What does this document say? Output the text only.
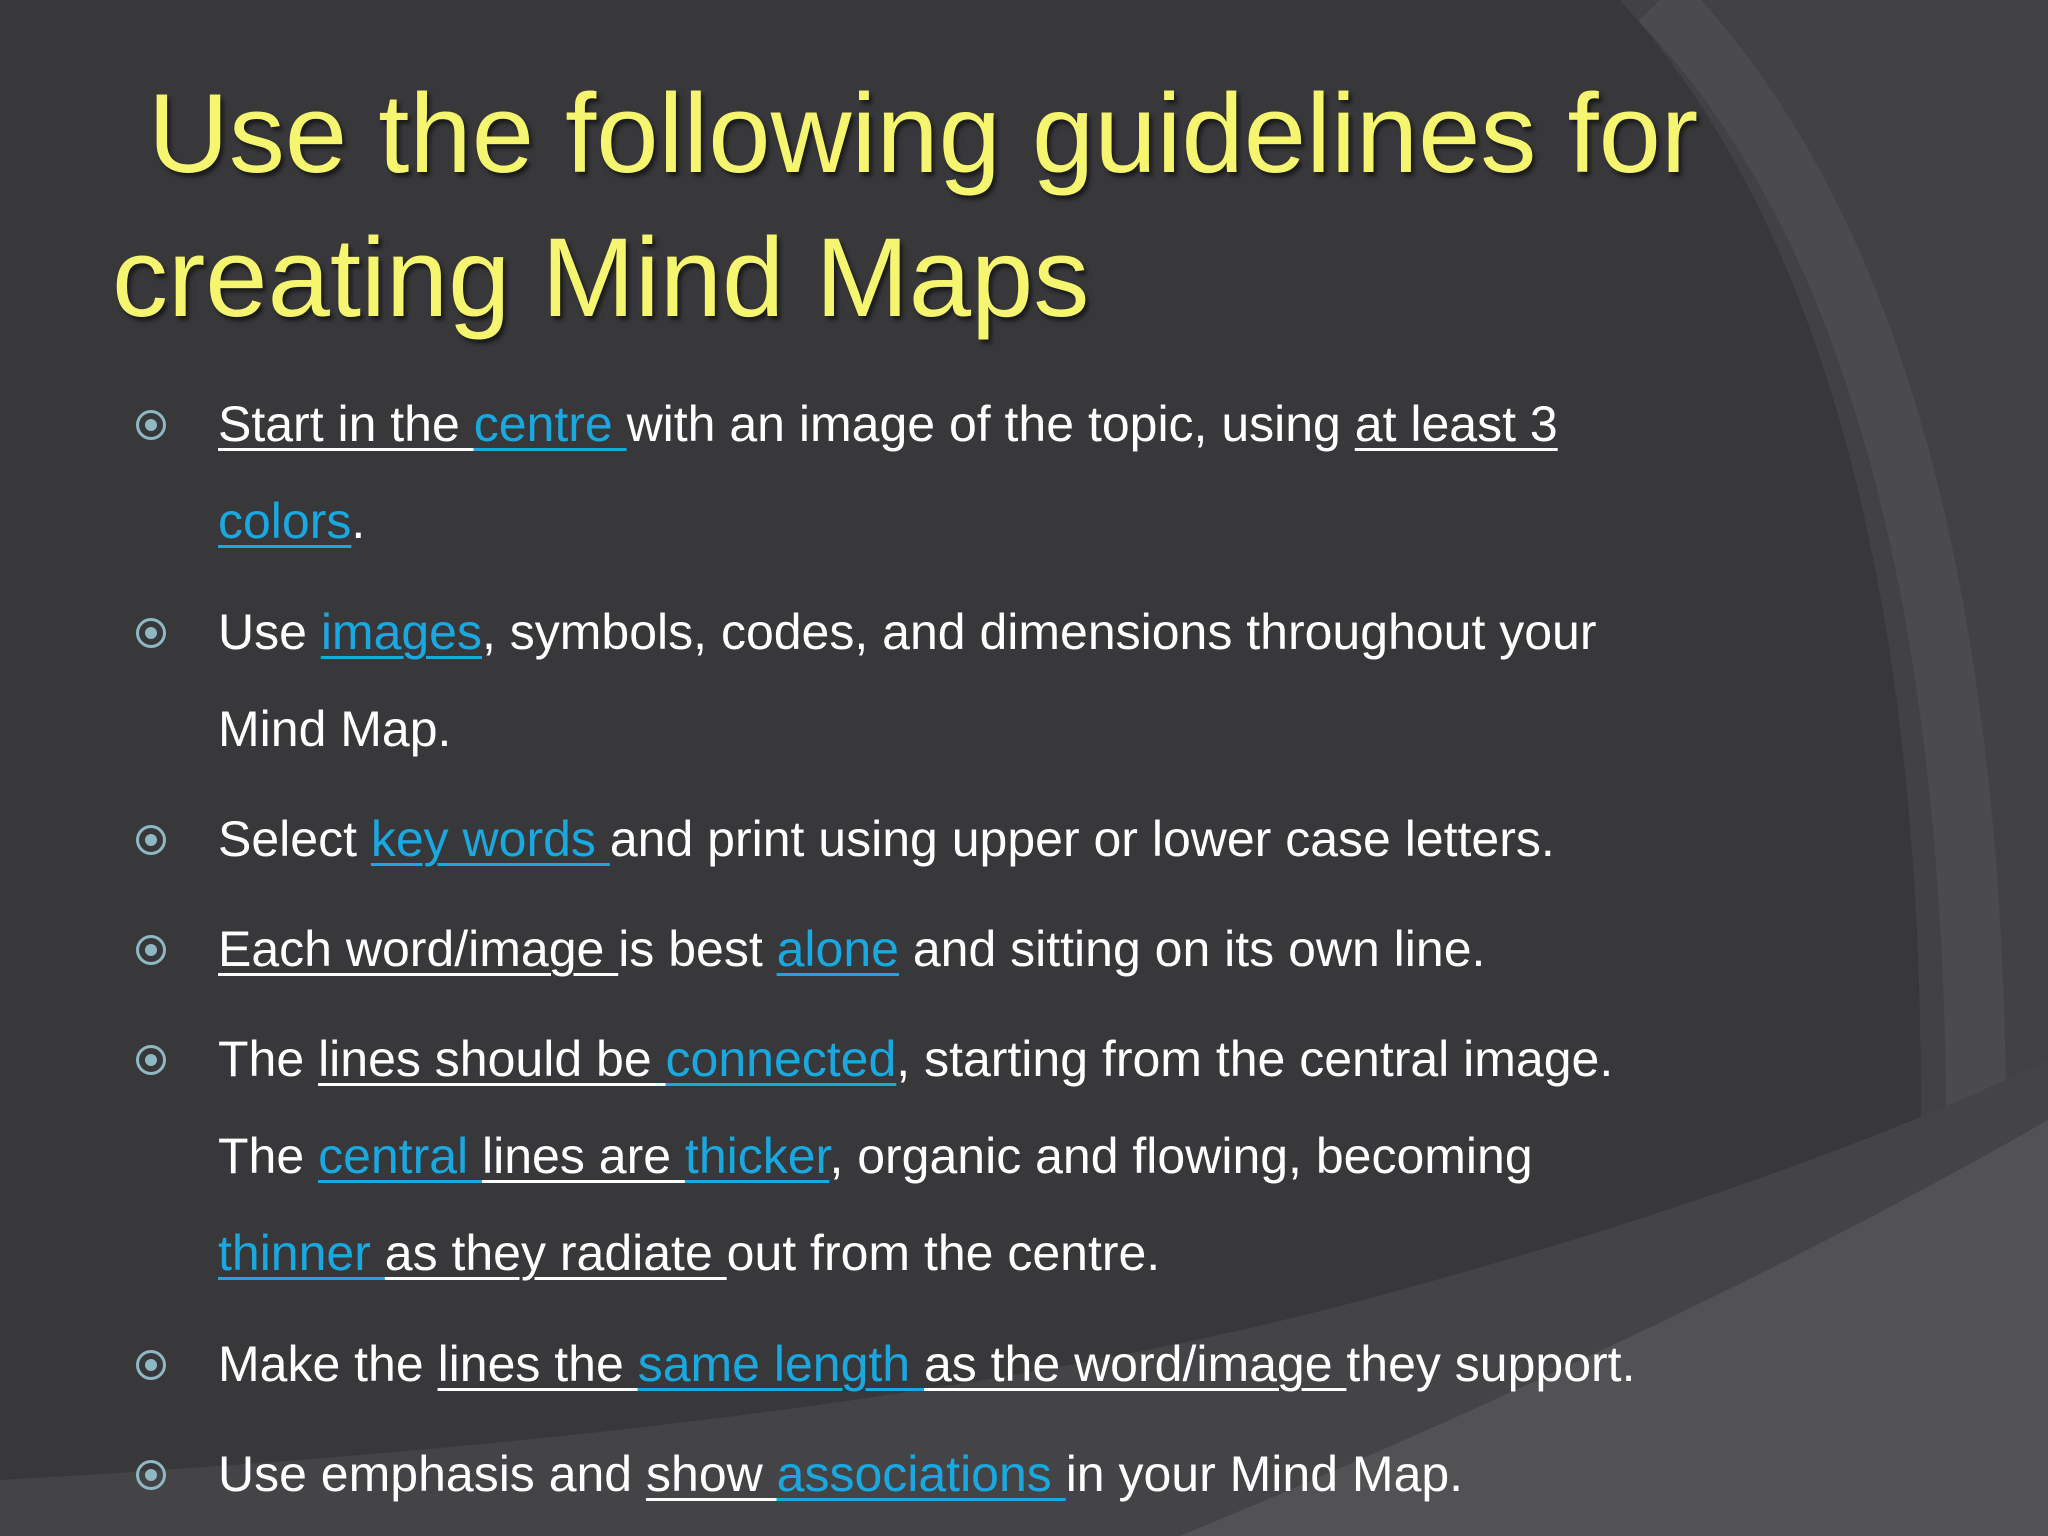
Use the following guidelines for
creating Mind Maps
Start in the centre with an image of the topic, using at least 3
colors.
Use images, symbols, codes, and dimensions throughout your
Mind Map.
Select key words and print using upper or lower case letters.
Each word/image is best alone and sitting on its own line.
The lines should be connected, starting from the central image.
The central lines are thicker, organic and flowing, becoming
thinner as they radiate out from the centre.
Make the lines the same length as the word/image they support.
Use emphasis and show associations in your Mind Map.
